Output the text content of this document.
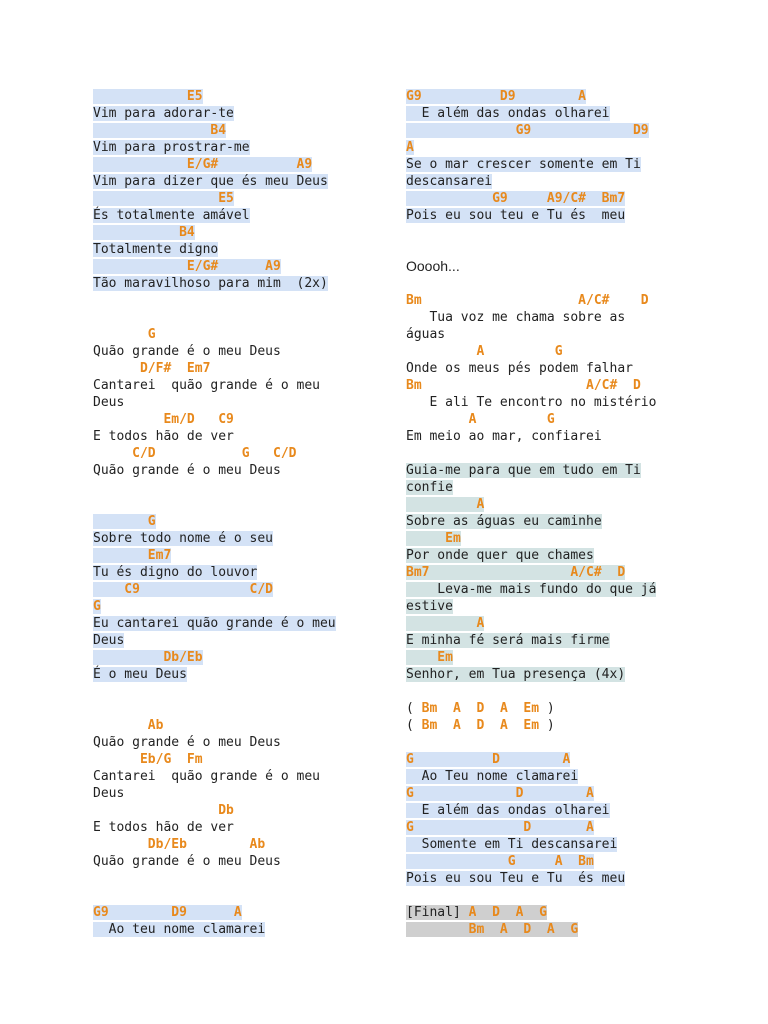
E5
Vim para adorar-te
B4
Vim para prostrar-me
E/G#          A9
Vim para dizer que és meu Deus
E5
És totalmente amável
B4
Totalmente digno
E/G#      A9
Tão maravilhoso para mim  (2x)
G
Quão grande é o meu Deus
D/F#  Em7
Cantarei  quão grande é o meu
Deus
Em/D   C9
E todos hão de ver
C/D           G   C/D
Quão grande é o meu Deus
G
Sobre todo nome é o seu
Em7
Tu és digno do louvor
C9              C/D
G
Eu cantarei quão grande é o meu
Deus
Db/Eb
É o meu Deus
Ab
Quão grande é o meu Deus
Eb/G  Fm
Cantarei  quão grande é o meu
Deus
Db
E todos hão de ver
Db/Eb        Ab
Quão grande é o meu Deus
G9        D9      A
Ao teu nome clamarei
G9          D9        A
E além das ondas olharei
G9             D9
A
Se o mar crescer somente em Ti
descansarei
G9     A9/C#  Bm7
Pois eu sou teu e Tu és  meu
Ooooh...
Bm                    A/C#    D
Tua voz me chama sobre as
águas
A         G
Onde os meus pés podem falhar
Bm                     A/C#  D
E ali Te encontro no mistério
A         G
Em meio ao mar, confiarei
Guia-me para que em tudo em Ti
confie
A
Sobre as águas eu caminhe
Em
Por onde quer que chames
Bm7                  A/C#  D
Leva-me mais fundo do que já
estive
A
E minha fé será mais firme
Em
Senhor, em Tua presença (4x)
( Bm A D A Em )
( Bm A D A Em )
G          D        A
Ao Teu nome clamarei
G             D        A
E além das ondas olharei
G              D       A
Somente em Ti descansarei
G     A  Bm
Pois eu sou Teu e Tu  és meu
[Final] A D A G
Bm  A  D  A  G
